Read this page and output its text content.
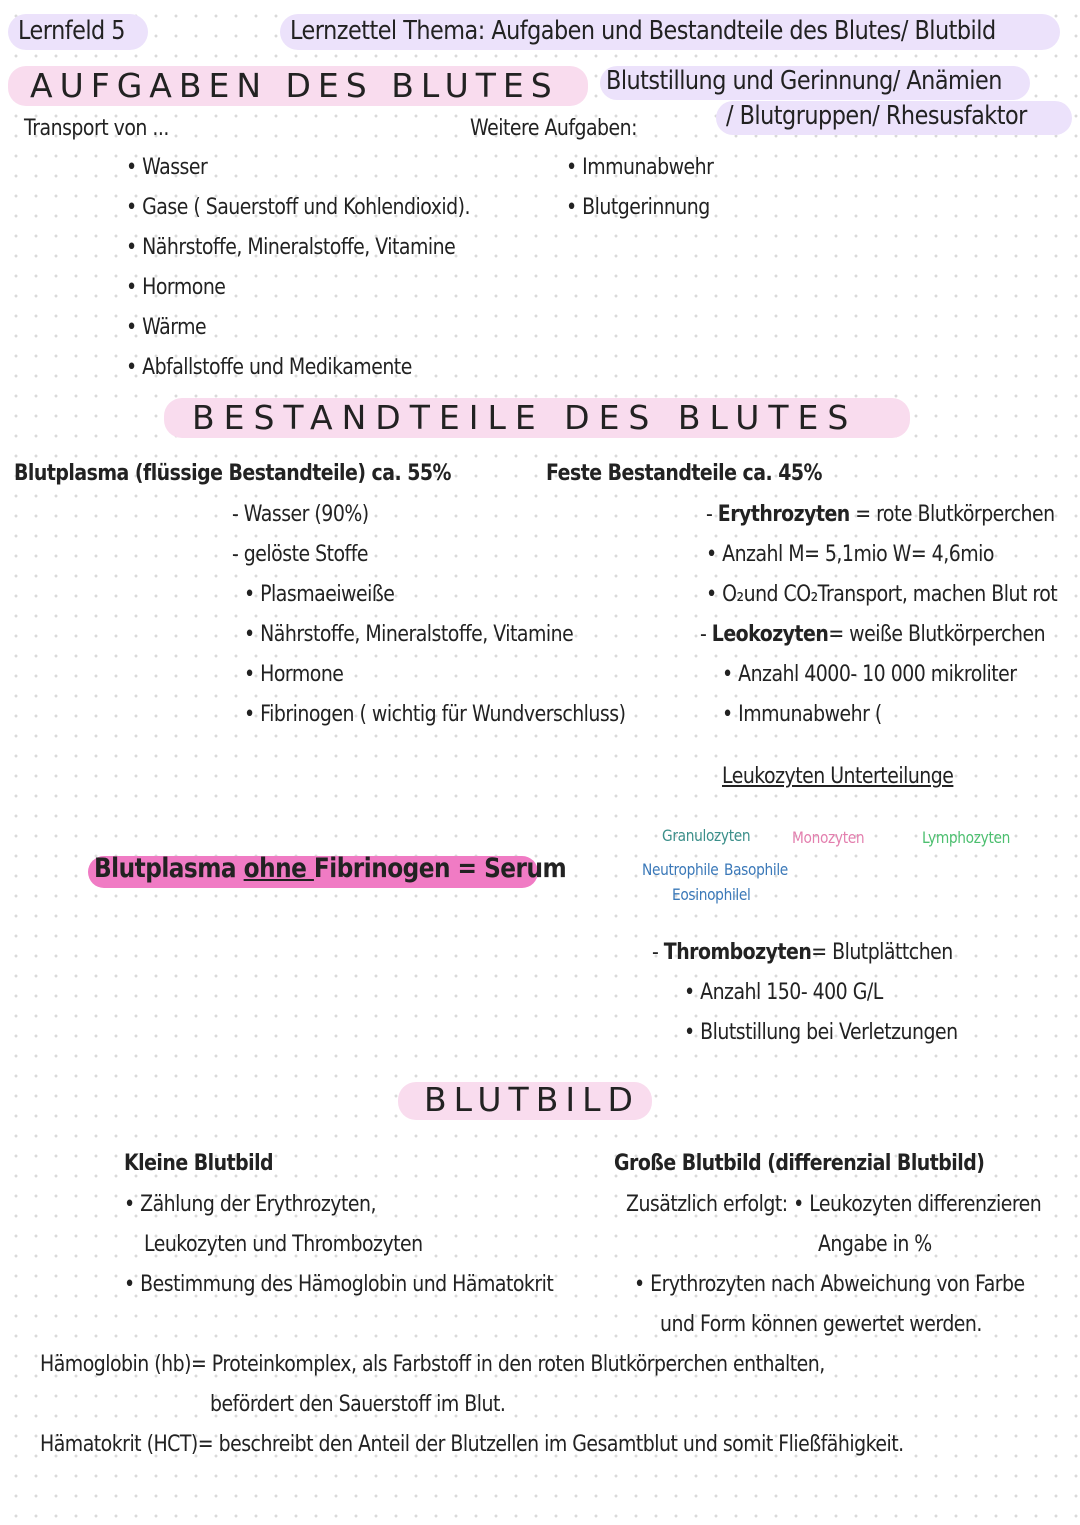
Lernfeld 5	Lernzettel Thema: Aufgaben und Bestandteile des Blutes/ Blutbild
AUFGABEN DES BLUTES Blutstillung und Gerinnung/ Anämien
/ Blutgruppen/ Rhesusfaktor
Transport von ...
• Wasser
• Gase ( Sauerstoff und Kohlendioxid).
• Nährstoffe, Mineralstoffe, Vitamine
• Hormone
• Wärme
• Abfallstoffe und Medikamente
Weitere Aufgaben:
• Immunabwehr
• Blutgerinnung
BESTANDTEILE DES BLUTES
Blutplasma (flüssige Bestandteile) ca. 55%
- Wasser (90%)
- gelöste Stoffe
• Plasmaeiweiße
• Nährstoffe, Mineralstoffe, Vitamine
• Hormone
• Fibrinogen ( wichtig für Wundverschluss)
Blutplasma ohne Fibrinogen = Serum
Feste Bestandteile ca. 45%
- Erythrozyten = rote Blutkörperchen
• Anzahl M= 5,1mio W= 4,6mio
• O₂und CO₂Transport, machen Blut rot
- Leokozyten= weiße Blutkörperchen
• Anzahl 4000- 10 000 mikroliter
• Immunabwehr (
Leukozyten Unterteilunge
Granulozyten	Monozyten	Lymphozyten
Neutrophile Basophile
Eosinophilel
- Thrombozyten= Blutplättchen
• Anzahl 150- 400 G/L
• Blutstillung bei Verletzungen
BLUTBILD
Kleine Blutbild
• Zählung der Erythrozyten,
Leukozyten und Thrombozyten
• Bestimmung des Hämoglobin und Hämatokrit
Große Blutbild (differenzial Blutbild)
Zusätzlich erfolgt: • Leukozyten differenzieren
Angabe in %
• Erythrozyten nach Abweichung von Farbe
und Form können gewertet werden.
Hämoglobin (hb)= Proteinkomplex, als Farbstoff in den roten Blutkörperchen enthalten,
befördert den Sauerstoff im Blut.
Hämatokrit (HCT)= beschreibt den Anteil der Blutzellen im Gesamtblut und somit Fließfähigkeit.
